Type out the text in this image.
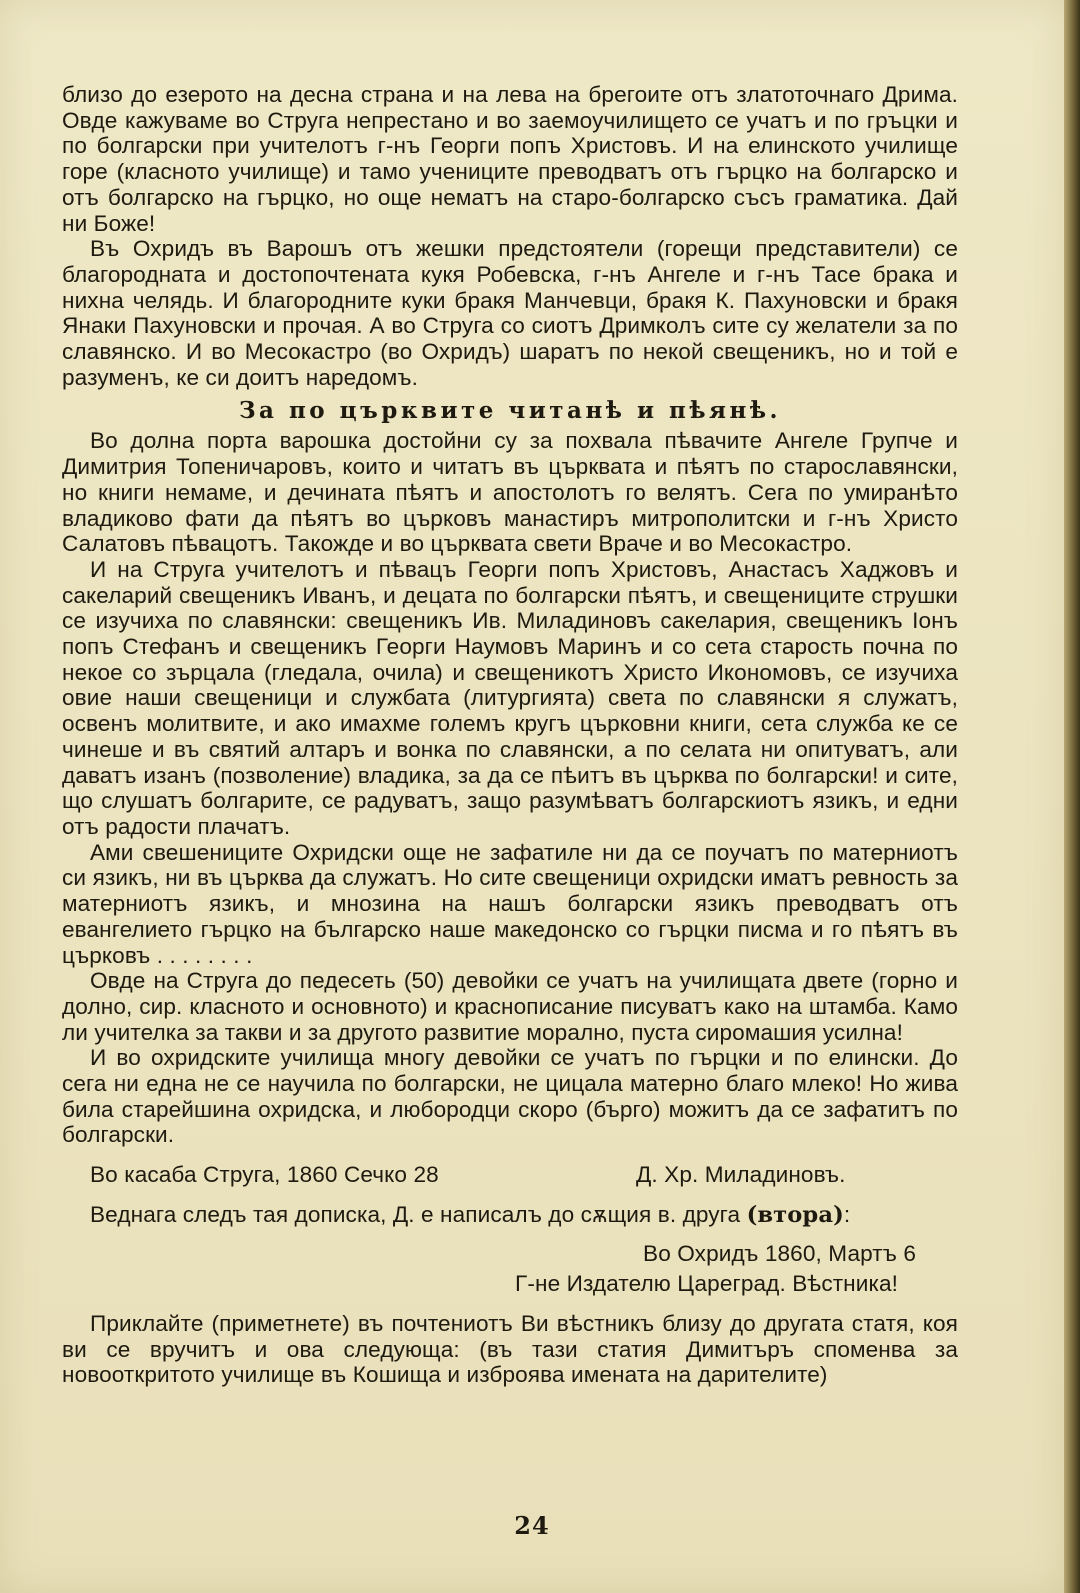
близо до езерото на десна страна и на лева на брегоите отъ златоточнаго Дрима. Овде кажуваме во Струга непрестано и во заемоучилището се учатъ и по гръцки и по болгарски при учителотъ г-нъ Георги попъ Христовъ. И на елинското училище горе (класното училище) и тамо учениците преводватъ отъ гърцко на болгарско и отъ болгарско на гърцко, но още нематъ на старо-болгарско съсъ граматика. Дай ни Боже!

Въ Охридъ въ Варошъ отъ жешки предстоятели (горещи представители) се благородната и достопочтената кукя Робевска, г-нъ Ангеле и г-нъ Тасе бракa и нихна челядь. И благородните куки бракя Манчевци, бракя К. Пахуновски и бракя Янаки Пахуновски и прочая. А во Струга со сиотъ Дримколъ сите су желатели за по славянско. И во Месокастро (во Охридъ) шаратъ по некой свещеникъ, но и той е разуменъ, ке си доитъ наредомъ.

За по църквите читанѣ и пѣянѣ.

Во долна порта варошка достойни су за похвала пѣвачите Ангеле Групче и Димитрия Топеничаровъ, които и читатъ въ църквата и пѣятъ по старославянски, но книги немаме, и дечината пѣятъ и апостолотъ го велятъ. Сега по умиранѣто владиково фати да пѣятъ во църковъ манастиръ митрополитски и г-нъ Христо Салатовъ пѣвацотъ. Такожде и во църквата свети Враче и во Месокастро.

И на Струга учителотъ и пѣвацъ Георги попъ Христовъ, Анастасъ Хаджовъ и сакеларий свещеникъ Иванъ, и децата по болгарски пѣятъ, и свещениците струшки се изучиха по славянски: свещеникъ Ив. Миладиновъ сакелария, свещеникъ Іонъ попъ Стефанъ и свещеникъ Георги Наумовъ Маринъ и со сета старость почна по некое со зърцала (гледала, очила) и свещеникотъ Христо Икономовъ, се изучиха овие наши свещеници и службата (литургията) света по славянски я служатъ, освенъ молитвите, и ако имахме големъ кругъ църковни книги, сета служба ке се чинеше и въ святий алтаръ и вонка по славянски, а по селата ни опитуватъ, али даватъ изанъ (позволение) владика, за да се пѣитъ въ църква по болгарски! и сите, що слушатъ болгарите, се радуватъ, защо разумѣватъ болгарскиотъ язикъ, и едни отъ радости плачатъ.

Ами свешениците Охридски още не зафатиле ни да се поучатъ по матерниотъ си язикъ, ни въ църква да служатъ. Но сите свещеници охридски иматъ ревность за матерниотъ язикъ, и мнозина на нашъ болгарски язикъ преводватъ отъ евангелието гърцко на българско наше македонско со гърцки писма и го пѣятъ въ църковъ . . . . . . . .

Овде на Струга до педесеть (50) девойки се учатъ на училищата двете (горно и долно, сир. класното и основното) и краснописание писуватъ како на штамба. Камо ли учителка за такви и за другото развитие морално, пуста сиромашия усилна!

И во охридските училища многу девойки се учатъ по гърцки и по елински. До сега ни една не се научила по болгарски, не цицала матерно благо млеко! Но жива била старейшина охридска, и любородци скоро (бърго) можитъ да се зафатитъ по болгарски.

Во касаба Струга, 1860 Сечко 28	Д. Хр. Миладиновъ.

Веднага следъ тая дописка, Д. е написалъ до сѫщия в. друга (втора):

Во Охридъ 1860, Мартъ 6
Г-не Издателю Цареград. Вѣстника!

Приклайте (приметнете) въ почтениотъ Ви вѣстникъ близу до другата статя, коя ви се вручитъ и ова следующа: (въ тази статия Димитъръ споменва за новооткритото училище въ Кошища и изброява имената на дарителите)

24
